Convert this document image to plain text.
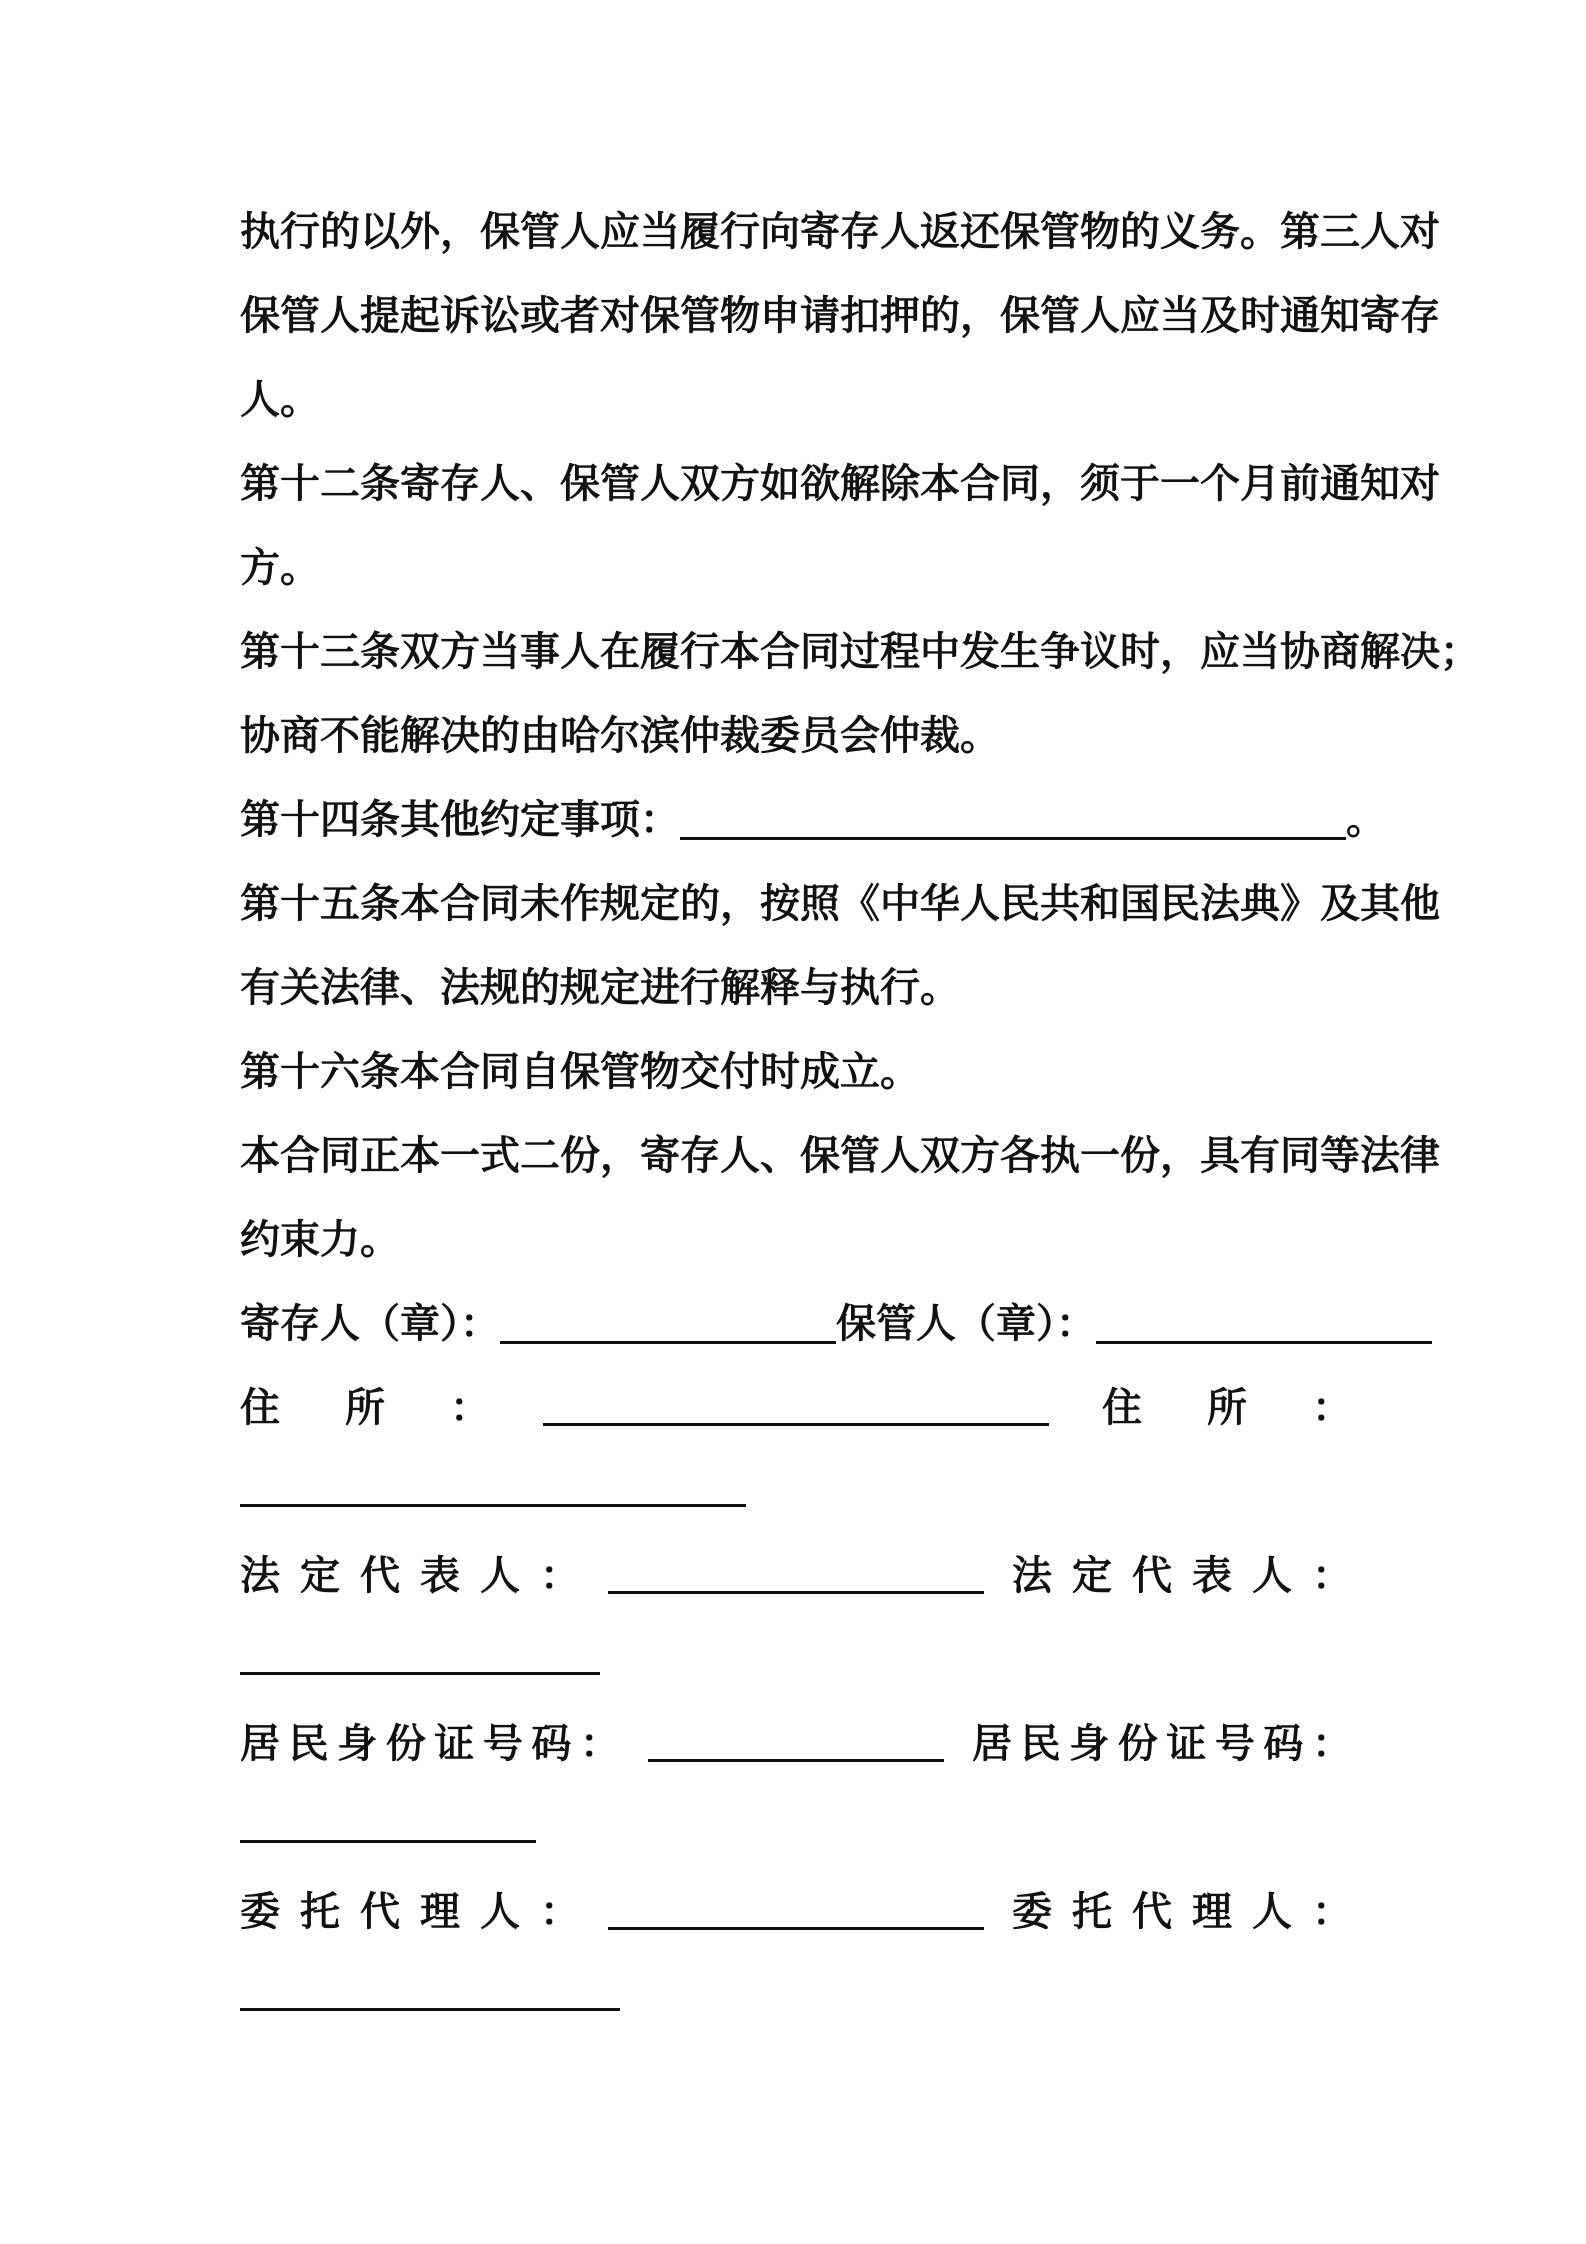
执行的以外，保管人应当履行向寄存人返还保管物的义务。第三人对
保管人提起诉讼或者对保管物申请扣押的，保管人应当及时通知寄存
人。
第十二条寄存人、保管人双方如欲解除本合同，须于一个月前通知对
方。
第十三条双方当事人在履行本合同过程中发生争议时，应当协商解决；
协商不能解决的由哈尔滨仲裁委员会仲裁。
第十四条其他约定事项：	。
第十五条本合同未作规定的，按照《中华人民共和国民法典》及其他
有关法律、法规的规定进行解释与执行。
第十六条本合同自保管物交付时成立。
本合同正本一式二份，寄存人、保管人双方各执一份，具有同等法律
约束力。
寄存人（章）：	保管人（章）：
住 所 ：	住 所 ：
法 定 代 表 人 ：	法 定 代 表 人 ：
居 民 身 份 证 号 码 ：	居 民 身 份 证 号 码 ：
委 托 代 理 人 ：	委 托 代 理 人 ：
